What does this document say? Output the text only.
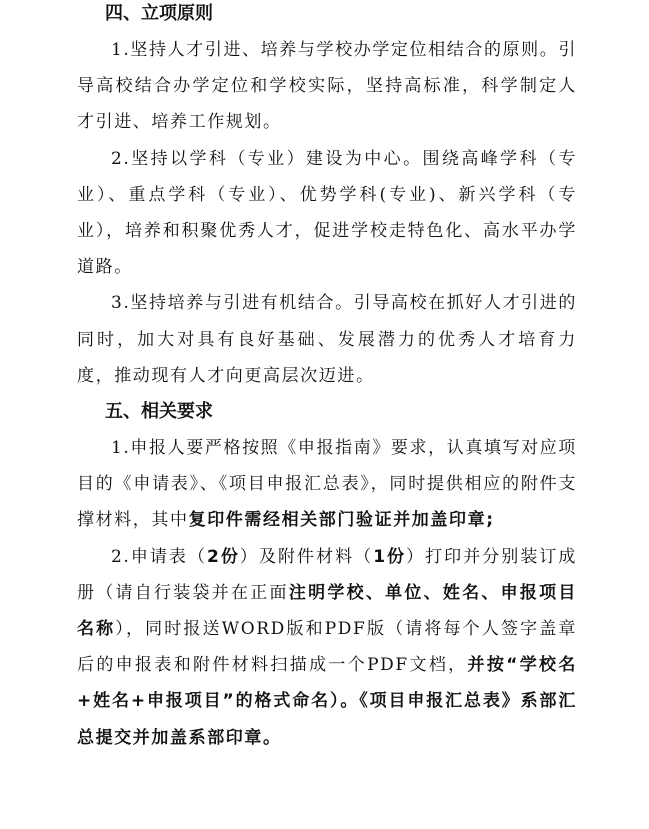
四、立项原则

1.坚持人才引进、培养与学校办学定位相结合的原则。引导高校结合办学定位和学校实际，坚持高标准，科学制定人才引进、培养工作规划。

2.坚持以学科（专业）建设为中心。围绕高峰学科（专业）、重点学科（专业）、优势学科(专业)、新兴学科（专业），培养和积聚优秀人才，促进学校走特色化、高水平办学道路。

3.坚持培养与引进有机结合。引导高校在抓好人才引进的同时，加大对具有良好基础、发展潜力的优秀人才培育力度，推动现有人才向更高层次迈进。

五、相关要求

1.申报人要严格按照《申报指南》要求，认真填写对应项目的《申请表》、《项目申报汇总表》，同时提供相应的附件支撑材料，其中复印件需经相关部门验证并加盖印章;

2.申请表（2份）及附件材料（1份）打印并分别装订成册（请自行装袋并在正面注明学校、单位、姓名、申报项目名称），同时报送WORD版和PDF版（请将每个人签字盖章后的申报表和附件材料扫描成一个PDF文档，并按“学校名+姓名+申报项目”的格式命名）。《项目申报汇总表》系部汇总提交并加盖系部印章。
